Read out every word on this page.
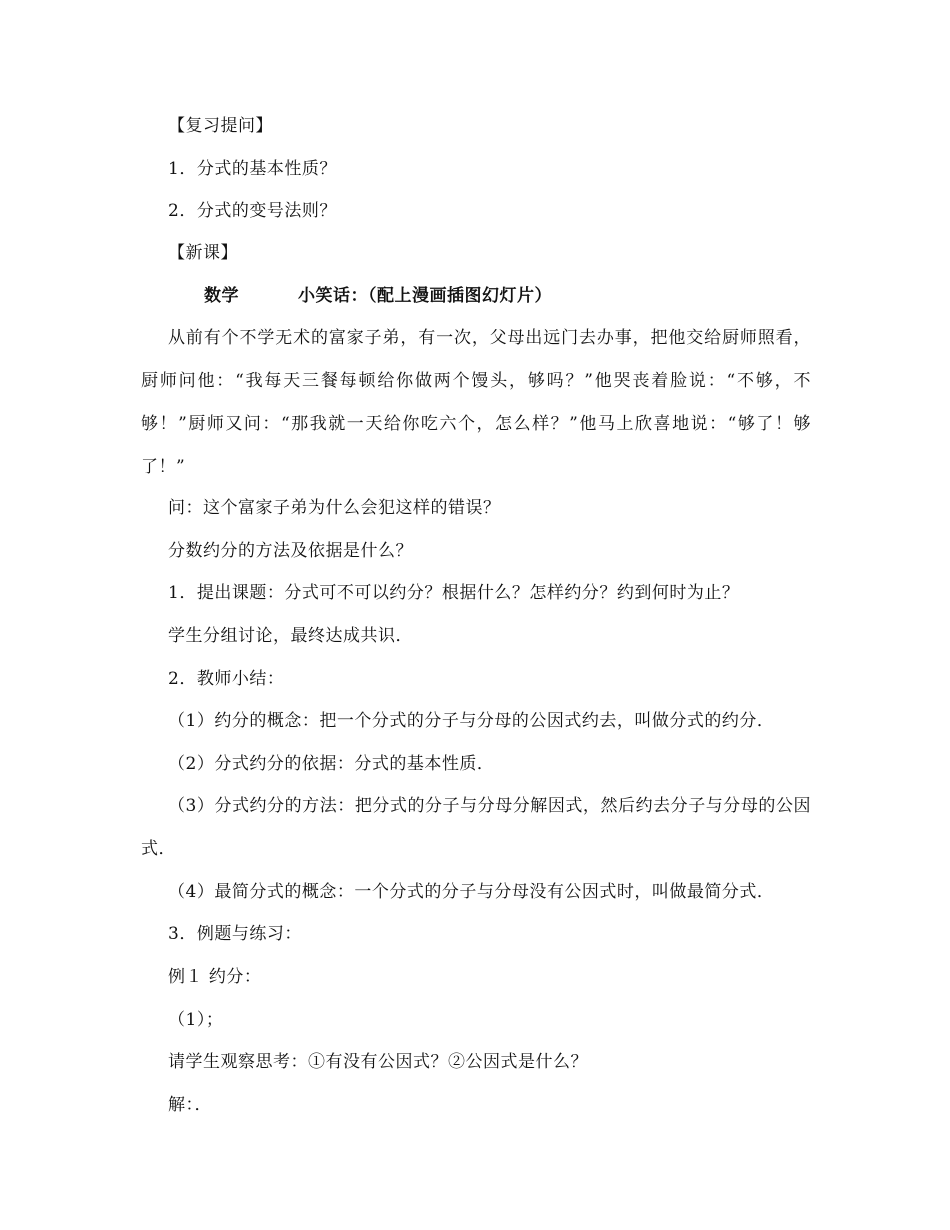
【复习提问】
1．分式的基本性质？
2．分式的变号法则？
【新课】
数学	小笑话：（配上漫画插图幻灯片）
从前有个不学无术的富家子弟，有一次，父母出远门去办事，把他交给厨师照看，厨师问他：“我每天三餐每顿给你做两个馒头，够吗？”他哭丧着脸说：“不够，不够！”厨师又问：“那我就一天给你吃六个，怎么样？”他马上欣喜地说：“够了！够了！”
问：这个富家子弟为什么会犯这样的错误？
分数约分的方法及依据是什么？
1．提出课题：分式可不可以约分？根据什么？怎样约分？约到何时为止？
学生分组讨论，最终达成共识．
2．教师小结：
（1）约分的概念：把一个分式的分子与分母的公因式约去，叫做分式的约分．
（2）分式约分的依据：分式的基本性质．
（3）分式约分的方法：把分式的分子与分母分解因式，然后约去分子与分母的公因式．
（4）最简分式的概念：一个分式的分子与分母没有公因式时，叫做最简分式．
3．例题与练习：
例１ 约分：
（1）；
请学生观察思考：①有没有公因式？②公因式是什么？
解：．
